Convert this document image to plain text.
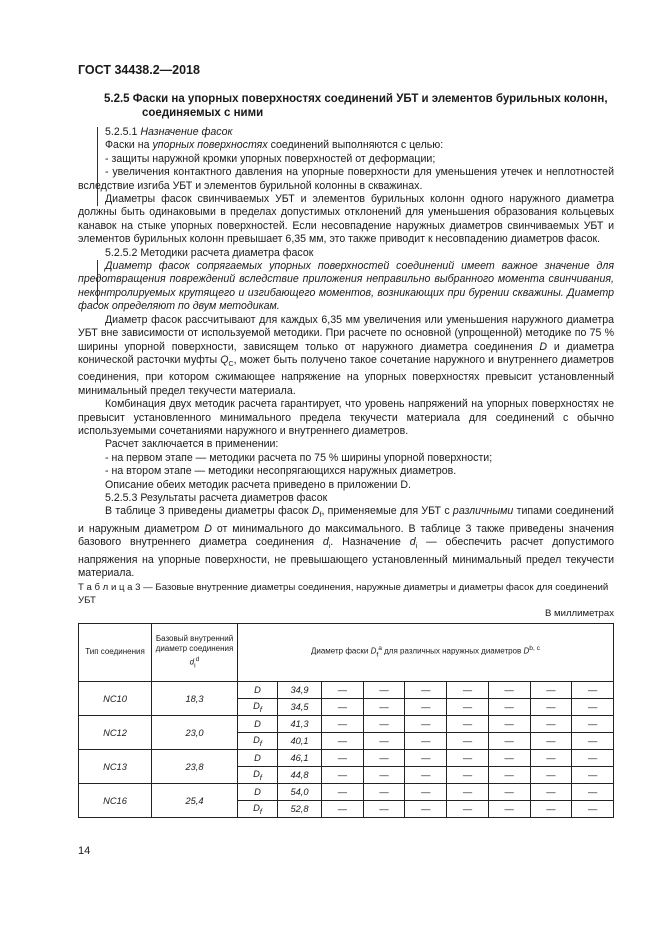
ГОСТ 34438.2—2018
5.2.5 Фаски на упорных поверхностях соединений УБТ и элементов бурильных колонн,
соединяемых с ними

5.2.5.1 Назначение фасок

Фаски на упорных поверхностях соединений выполняются с целью:

- защиты наружной кромки упорных поверхностей от деформации;

- увеличения контактного давления на упорные поверхности для уменьшения утечек и неплотностей вследствие изгиба УБТ и элементов бурильной колонны в скважинах.

Диаметры фасок свинчиваемых УБТ и элементов бурильных колонн одного наружного диаметра должны быть одинаковыми в пределах допустимых отклонений для уменьшения образования кольцевых канавок на стыке упорных поверхностей. Если несовпадение наружных диаметров свинчиваемых УБТ и элементов бурильных колонн превышает 6,35 мм, это также приводит к несовпадению диаметров фасок.

5.2.5.2 Методики расчета диаметра фасок

Диаметр фасок сопрягаемых упорных поверхностей соединений имеет важное значение для предотвращения повреждений вследствие приложения неправильно выбранного момента свинчивания, неконтролируемых крутящего и изгибающего моментов, возникающих при бурении скважины. Диаметр фасок определяют по двум методикам.

Диаметр фасок рассчитывают для каждых 6,35 мм увеличения или уменьшения наружного диаметра УБТ вне зависимости от используемой методики. При расчете по основной (упрощенной) методике по 75 % ширины упорной поверхности, зависящем только от наружного диаметра соединения D и диаметра конической расточки муфты $Q_C$, может быть получено такое сочетание наружного и внутреннего диаметров соединения, при котором сжимающее напряжение на упорных поверхностях превысит установленный минимальный предел текучести материала.

Комбинация двух методик расчета гарантирует, что уровень напряжений на упорных поверхностях не превысит установленного минимального предела текучести материала для соединений с обычно используемыми сочетаниями наружного и внутреннего диаметров.

Расчет заключается в применении:

- на первом этапе — методики расчета по 75 % ширины упорной поверхности;

- на втором этапе — методики несопрягающихся наружных диаметров.

Описание обеих методик расчета приведено в приложении D.

5.2.5.3 Результаты расчета диаметров фасок

В таблице 3 приведены диаметры фасок $D_f$, применяемые для УБТ с различными типами соединений и наружным диаметром D от минимального до максимального. В таблице 3 также приведены значения базового внутреннего диаметра соединения $d_i$. Назначение $d_i$ — обеспечить расчет допустимого напряжения на упорные поверхности, не превышающего установленный минимальный предел текучести материала.

Т а б л и ц а 3 — Базовые внутренние диаметры соединения, наружные диаметры и диаметры фасок для соединений УБТ
В миллиметрах
Тип соединения	Базовый внутренний диаметр соединения $d_i^d$	Диаметр фаски $D_f^a$ для различных наружных диаметров D$^{b, c}$
NC10	18,3	D	34,9	—	—	—	—	—	—	—
		$D_f$	34,5	—	—	—	—	—	—	—
NC12	23,0	D	41,3	—	—	—	—	—	—	—
		$D_f$	40,1	—	—	—	—	—	—	—
NC13	23,8	D	46,1	—	—	—	—	—	—	—
		$D_f$	44,8	—	—	—	—	—	—	—
NC16	25,4	D	54,0	—	—	—	—	—	—	—
		$D_f$	52,8	—	—	—	—	—	—	—
14
